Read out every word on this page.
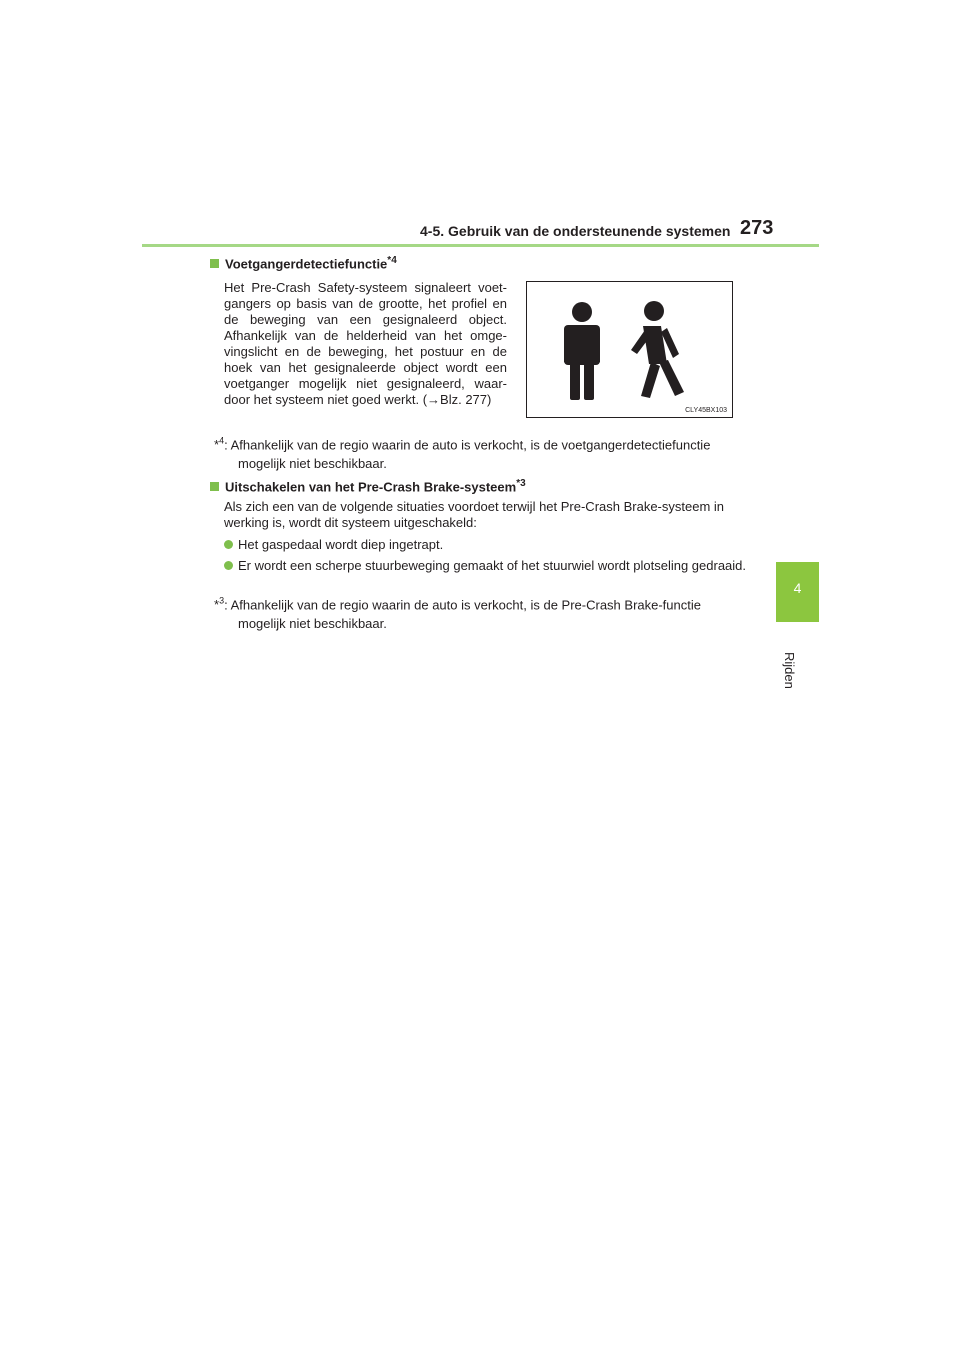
4-5. Gebruik van de ondersteunende systemen 273
4
Rijden
Voetgangerdetectiefunctie$^{*4}$
Het Pre-Crash Safety-systeem signaleert voet-gangers op basis van de grootte, het profiel en de beweging van een gesignaleerd object. Afhankelijk van de helderheid van het omge-vingslicht en de beweging, het postuur en de hoek van het gesignaleerde object wordt een voetganger mogelijk niet gesignaleerd, waar-door het systeem niet goed werkt. (→Blz. 277)
CLY45BX103
*$^4$: Afhankelijk van de regio waarin de auto is verkocht, is de voetgangerdetectiefunctie
mogelijk niet beschikbaar.
Uitschakelen van het Pre-Crash Brake-systeem$^{*3}$
Als zich een van de volgende situaties voordoet terwijl het Pre-Crash Brake-systeem in werking is, wordt dit systeem uitgeschakeld:
Het gaspedaal wordt diep ingetrapt.
Er wordt een scherpe stuurbeweging gemaakt of het stuurwiel wordt plotseling gedraaid.
*$^3$: Afhankelijk van de regio waarin de auto is verkocht, is de Pre-Crash Brake-functie
mogelijk niet beschikbaar.
